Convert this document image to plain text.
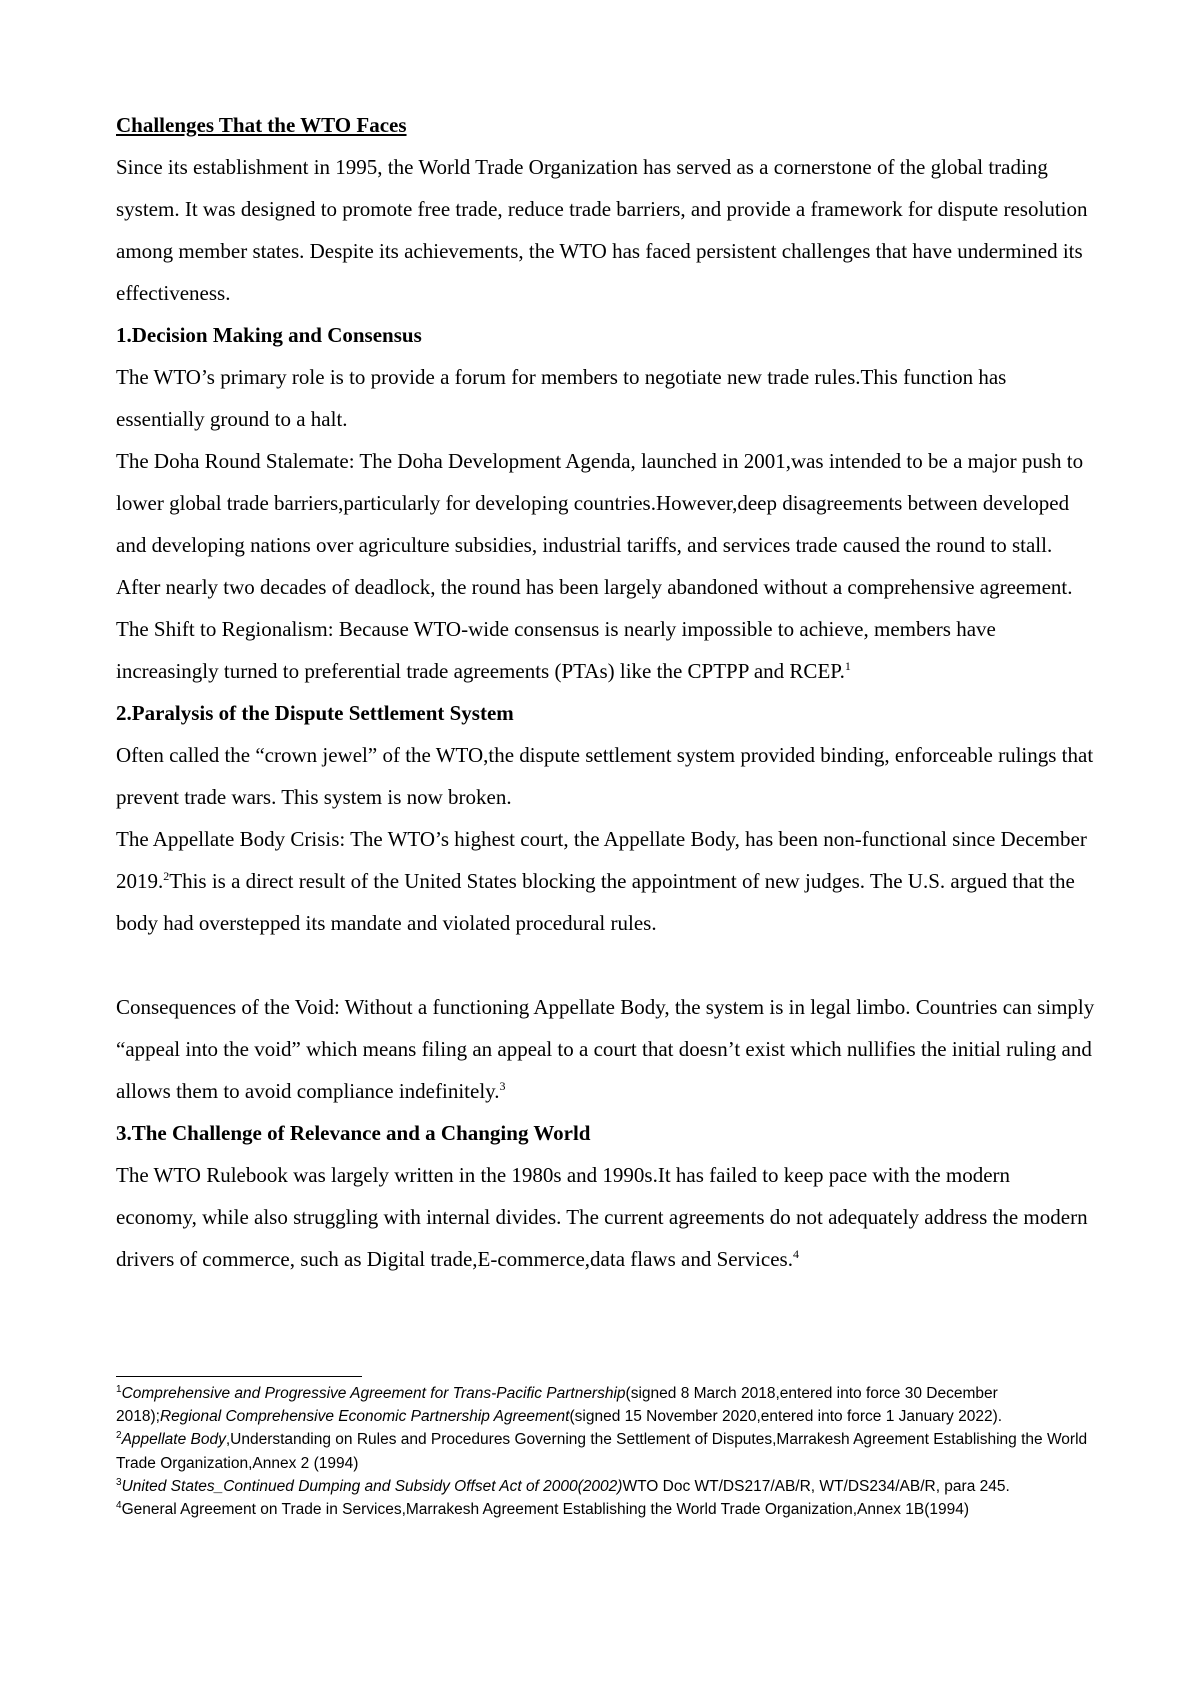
Challenges That the WTO Faces

Since its establishment in 1995, the World Trade Organization has served as a cornerstone of the global trading system. It was designed to promote free trade, reduce trade barriers, and provide a framework for dispute resolution among member states. Despite its achievements, the WTO has faced persistent challenges that have undermined its effectiveness.

1.Decision Making and Consensus

The WTO’s primary role is to provide a forum for members to negotiate new trade rules.This function has essentially ground to a halt.

The Doha Round Stalemate: The Doha Development Agenda, launched in 2001,was intended to be a major push to lower global trade barriers,particularly for developing countries.However,deep disagreements between developed and developing nations over agriculture subsidies, industrial tariffs, and services trade caused the round to stall. After nearly two decades of deadlock, the round has been largely abandoned without a comprehensive agreement.

The Shift to Regionalism: Because WTO-wide consensus is nearly impossible to achieve, members have increasingly turned to preferential trade agreements (PTAs) like the CPTPP and RCEP.$^1$

2.Paralysis of the Dispute Settlement System

Often called the “crown jewel” of the WTO,the dispute settlement system provided binding, enforceable rulings that prevent trade wars. This system is now broken.

The Appellate Body Crisis: The WTO’s highest court, the Appellate Body, has been non-functional since December 2019.$^2$This is a direct result of the United States blocking the appointment of new judges. The U.S. argued that the body had overstepped its mandate and violated procedural rules.

Consequences of the Void: Without a functioning Appellate Body, the system is in legal limbo. Countries can simply “appeal into the void” which means filing an appeal to a court that doesn’t exist which nullifies the initial ruling and allows them to avoid compliance indefinitely.$^3$

3.The Challenge of Relevance and a Changing World

The WTO Rulebook was largely written in the 1980s and 1990s.It has failed to keep pace with the modern economy, while also struggling with internal divides. The current agreements do not adequately address the modern drivers of commerce, such as Digital trade,E-commerce,data flaws and Services.$^4$

$^1$Comprehensive and Progressive Agreement for Trans-Pacific Partnership(signed 8 March 2018,entered into force 30 December 2018);Regional Comprehensive Economic Partnership Agreement(signed 15 November 2020,entered into force 1 January 2022).

$^2$Appellate Body,Understanding on Rules and Procedures Governing the Settlement of Disputes,Marrakesh Agreement Establishing the World Trade Organization,Annex 2 (1994)

$^3$United States_Continued Dumping and Subsidy Offset Act of 2000(2002)WTO Doc WT/DS217/AB/R, WT/DS234/AB/R, para 245.

$^4$General Agreement on Trade in Services,Marrakesh Agreement Establishing the World Trade Organization,Annex 1B(1994)
